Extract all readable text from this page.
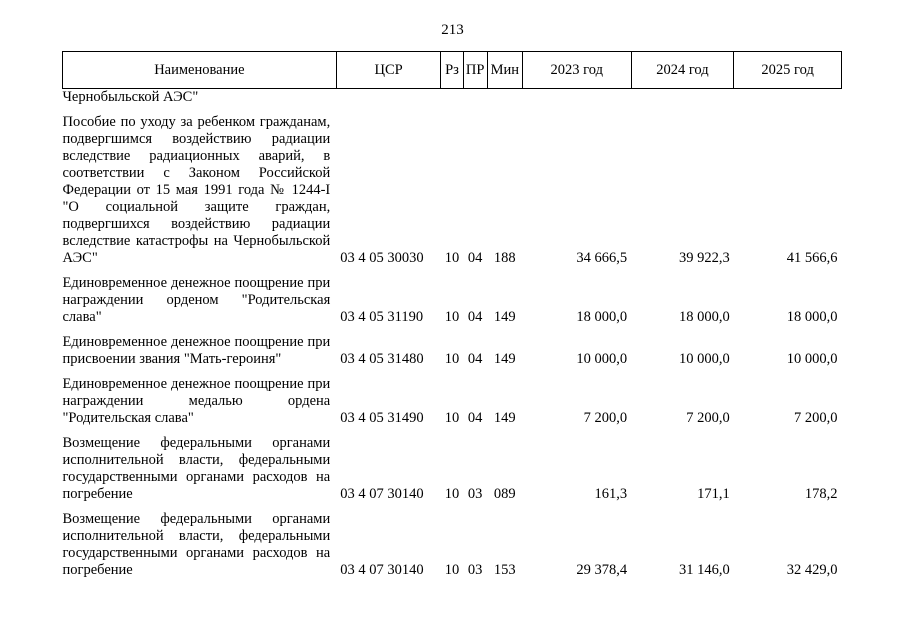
213
Наименование	ЦСР	Рз	ПР	Мин	2023 год	2024 год	2025 год
Чернобыльской АЭС"							
Пособие по уходу за ребенком гражданам, подвергшимся воздействию радиации вследствие радиационных аварий, в соответствии с Законом Российской Федерации от 15 мая 1991 года № 1244-I "О социальной защите граждан, подвергшихся воздействию радиации вследствие катастрофы на Чернобыльской АЭС"	03 4 05 30030	10	04	188	34 666,5	39 922,3	41 566,6
Единовременное денежное поощрение при награждении орденом "Родительская слава"	03 4 05 31190	10	04	149	18 000,0	18 000,0	18 000,0
Единовременное денежное поощрение при присвоении звания "Мать-героиня"	03 4 05 31480	10	04	149	10 000,0	10 000,0	10 000,0
Единовременное денежное поощрение при награждении медалью ордена "Родительская слава"	03 4 05 31490	10	04	149	7 200,0	7 200,0	7 200,0
Возмещение федеральными органами исполнительной власти, федеральными государственными органами расходов на погребение	03 4 07 30140	10	03	089	161,3	171,1	178,2
Возмещение федеральными органами исполнительной власти, федеральными государственными органами расходов на погребение	03 4 07 30140	10	03	153	29 378,4	31 146,0	32 429,0
